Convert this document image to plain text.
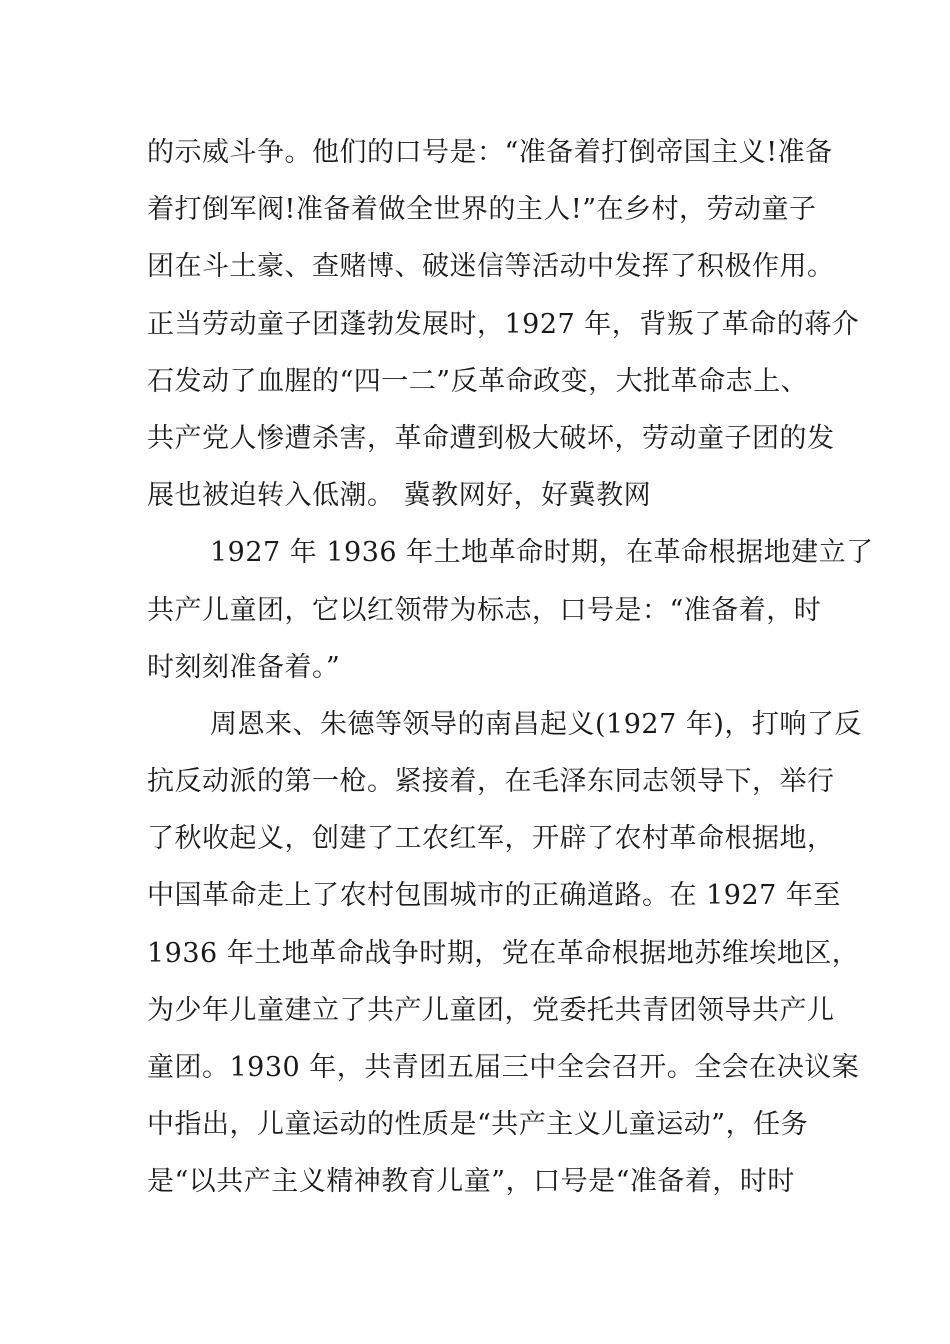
的示威斗争。他们的口号是：“准备着打倒帝国主义!准备
着打倒军阀!准备着做全世界的主人!”在乡村，劳动童子
团在斗土豪、查赌博、破迷信等活动中发挥了积极作用。
正当劳动童子团蓬勃发展时，1927 年，背叛了革命的蒋介
石发动了血腥的“四一二”反革命政变，大批革命志上、
共产党人惨遭杀害，革命遭到极大破坏，劳动童子团的发
展也被迫转入低潮。 冀教网好，好冀教网
1927 年 1936 年土地革命时期，在革命根据地建立了
共产儿童团，它以红领带为标志，口号是：“准备着，时
时刻刻准备着。”
周恩来、朱德等领导的南昌起义(1927 年)，打响了反
抗反动派的第一枪。紧接着，在毛泽东同志领导下，举行
了秋收起义，创建了工农红军，开辟了农村革命根据地，
中国革命走上了农村包围城市的正确道路。在 1927 年至
1936 年土地革命战争时期，党在革命根据地苏维埃地区，
为少年儿童建立了共产儿童团，党委托共青团领导共产儿
童团。1930 年，共青团五届三中全会召开。全会在决议案
中指出，儿童运动的性质是“共产主义儿童运动”，任务
是“以共产主义精神教育儿童”，口号是“准备着，时时
